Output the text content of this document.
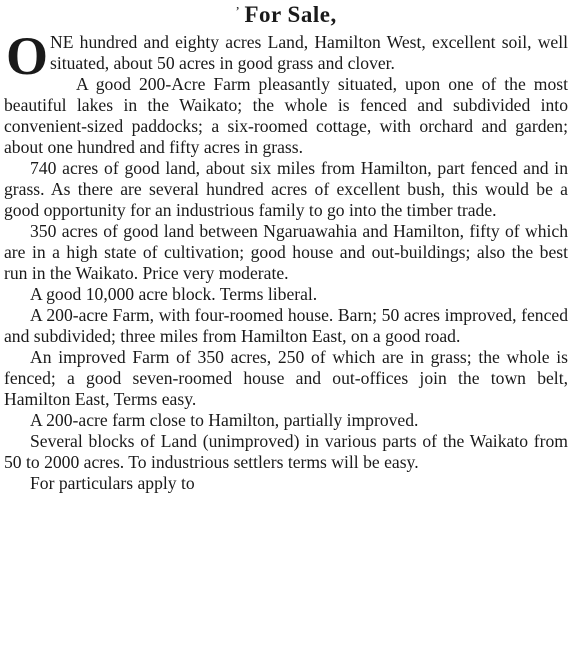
$^ʼ$ For Sale,

ONE hundred and eighty acres Land, Hamilton West, excellent soil, well situated, about 50 acres in good grass and clover.

A good 200-Acre Farm pleasantly situated, upon one of the most beautiful lakes in the Waikato; the whole is fenced and subdivided into convenient-sized paddocks; a six-roomed cottage, with orchard and garden; about one hundred and fifty acres in grass.

740 acres of good land, about six miles from Hamilton, part fenced and in grass. As there are several hundred acres of excellent bush, this would be a good opportunity for an industrious family to go into the timber trade.

350 acres of good land between Ngaruawahia and Hamilton, fifty of which are in a high state of cultivation; good house and out-buildings; also the best run in the Waikato. Price very moderate.

A good 10,000 acre block. Terms liberal.

A 200-acre Farm, with four-roomed house. Barn; 50 acres improved, fenced and subdivided; three miles from Hamilton East, on a good road.

An improved Farm of 350 acres, 250 of which are in grass; the whole is fenced; a good seven-roomed house and out-offices join the town belt, Hamilton East, Terms easy.

A 200-acre farm close to Hamilton, partially improved.

Several blocks of Land (unimproved) in various parts of the Waikato from 50 to 2000 acres. To industrious settlers terms will be easy.

For particulars apply to
